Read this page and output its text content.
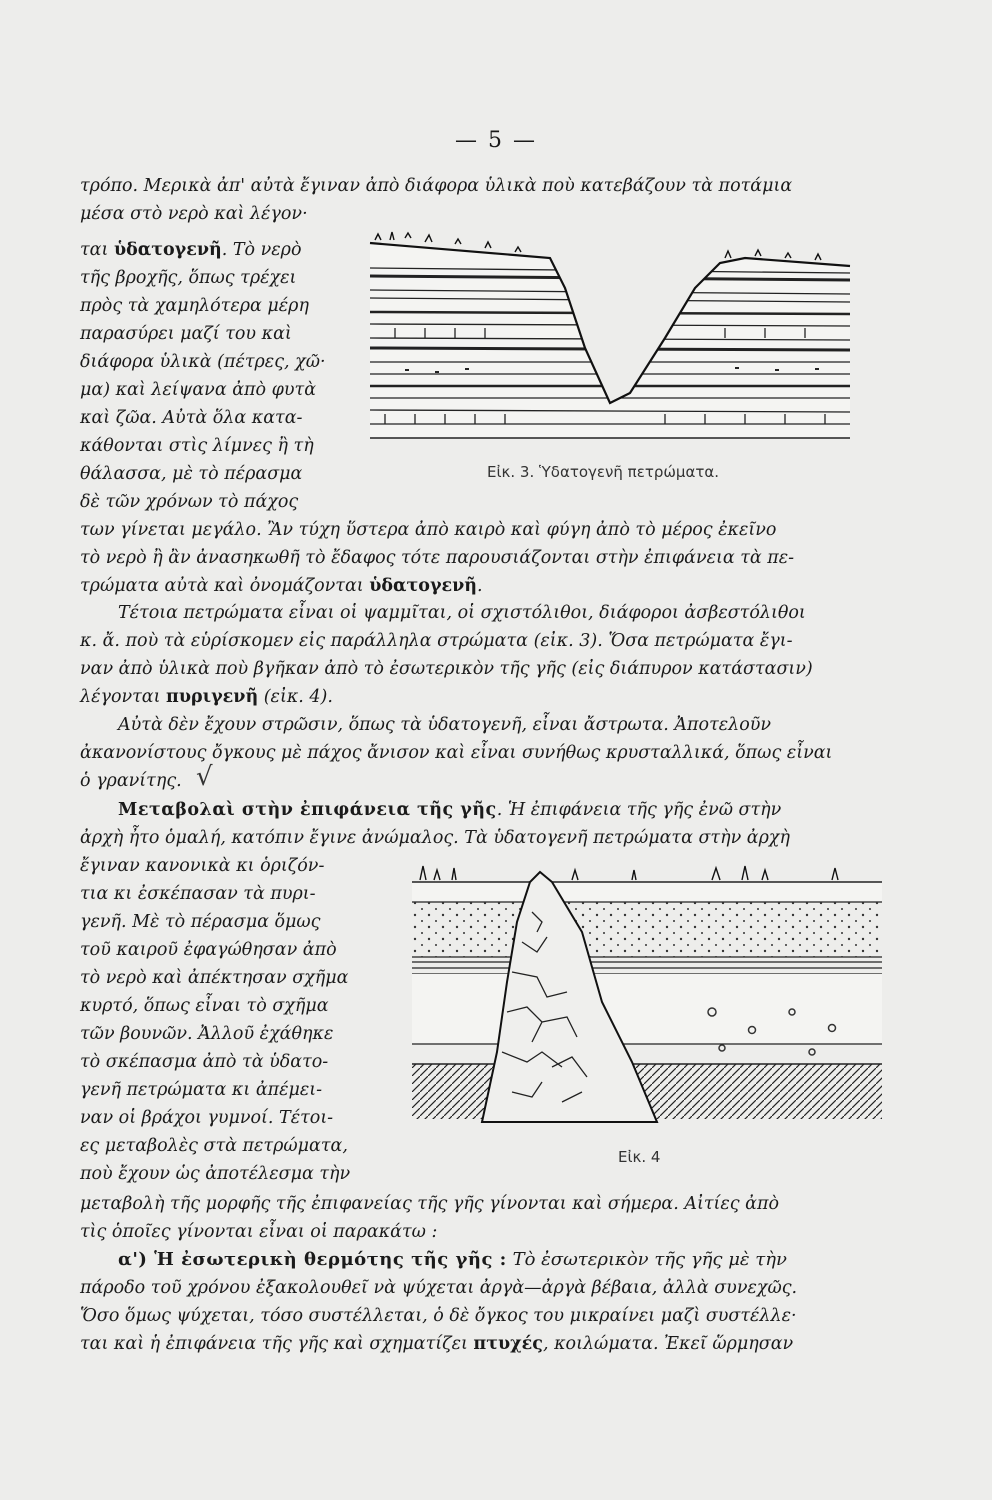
— 5 —
τρόπο. Μερικὰ ἀπ' αὐτὰ ἔγιναν ἀπὸ διάφορα ὑλικὰ ποὺ κατεβάζουν τὰ ποτάμια
μέσα στὸ νερὸ καὶ λέγον·
ται ὑδατογενῆ. Τὸ νερὸ
τῆς βροχῆς, ὅπως τρέχει
πρὸς τὰ χαμηλότερα μέρη
παρασύρει μαζί του καὶ
διάφορα ὑλικὰ (πέτρες, χῶ·
μα) καὶ λείψανα ἀπὸ φυτὰ
καὶ ζῶα. Αὐτὰ ὅλα κατα-
κάθονται στὶς λίμνες ἢ τὴ
θάλασσα, μὲ τὸ πέρασμα
δὲ τῶν χρόνων τὸ πάχος
των γίνεται μεγάλο. Ἂν τύχη ὕστερα ἀπὸ καιρὸ καὶ φύγη ἀπὸ τὸ μέρος ἐκεῖνο
τὸ νερὸ ἢ ἂν ἀνασηκωθῆ τὸ ἔδαφος τότε παρουσιάζονται στὴν ἐπιφάνεια τὰ πε-
τρώματα αὐτὰ καὶ ὀνομάζονται ὑδατογενῆ.
Εἰκ. 3. Ὑδατογενῆ πετρώματα.
Τέτοια πετρώματα εἶναι οἱ ψαμμῖται, οἱ σχιστόλιθοι, διάφοροι ἀσβεστόλιθοι
κ. ἄ. ποὺ τὰ εὑρίσκομεν εἰς παράλληλα στρώματα (εἰκ. 3). Ὅσα πετρώματα ἔγι-
ναν ἀπὸ ὑλικὰ ποὺ βγῆκαν ἀπὸ τὸ ἐσωτερικὸν τῆς γῆς (εἰς διάπυρον κατάστασιν)
λέγονται πυριγενῆ (εἰκ. 4).
Αὐτὰ δὲν ἔχουν στρῶσιν, ὅπως τὰ ὑδατογενῆ, εἶναι ἄστρωτα. Ἀποτελοῦν
ἀκανονίστους ὄγκους μὲ πάχος ἄνισον καὶ εἶναι συνήθως κρυσταλλικά, ὅπως εἶναι
ὁ γρανίτης. √
Μεταβολαὶ στὴν ἐπιφάνεια τῆς γῆς. Ἡ ἐπιφάνεια τῆς γῆς ἐνῶ στὴν
ἀρχὴ ἦτο ὁμαλή, κατόπιν ἔγινε ἀνώμαλος. Τὰ ὑδατογενῆ πετρώματα στὴν ἀρχὴ
ἔγιναν κανονικὰ κι ὁριζόν-
τια κι ἐσκέπασαν τὰ πυρι-
γενῆ. Μὲ τὸ πέρασμα ὅμως
τοῦ καιροῦ ἐφαγώθησαν ἀπὸ
τὸ νερὸ καὶ ἀπέκτησαν σχῆμα
κυρτό, ὅπως εἶναι τὸ σχῆμα
τῶν βουνῶν. Ἀλλοῦ ἐχάθηκε
τὸ σκέπασμα ἀπὸ τὰ ὑδατο-
γενῆ πετρώματα κι ἀπέμει-
ναν οἱ βράχοι γυμνοί. Τέτοι-
ες μεταβολὲς στὰ πετρώματα,
ποὺ ἔχουν ὡς ἀποτέλεσμα τὴν
μεταβολὴ τῆς μορφῆς τῆς ἐπιφανείας τῆς γῆς γίνονται καὶ σήμερα. Αἰτίες ἀπὸ
τὶς ὁποῖες γίνονται εἶναι οἱ παρακάτω :
Εἰκ. 4
α') Ἡ ἐσωτερικὴ θερμότης τῆς γῆς : Τὸ ἐσωτερικὸν τῆς γῆς μὲ τὴν
πάροδο τοῦ χρόνου ἐξακολουθεῖ νὰ ψύχεται ἀργὰ—ἀργὰ βέβαια, ἀλλὰ συνεχῶς.
Ὅσο ὅμως ψύχεται, τόσο συστέλλεται, ὁ δὲ ὄγκος του μικραίνει μαζὶ συστέλλε·
ται καὶ ἡ ἐπιφάνεια τῆς γῆς καὶ σχηματίζει πτυχές, κοιλώματα. Ἐκεῖ ὥρμησαν
